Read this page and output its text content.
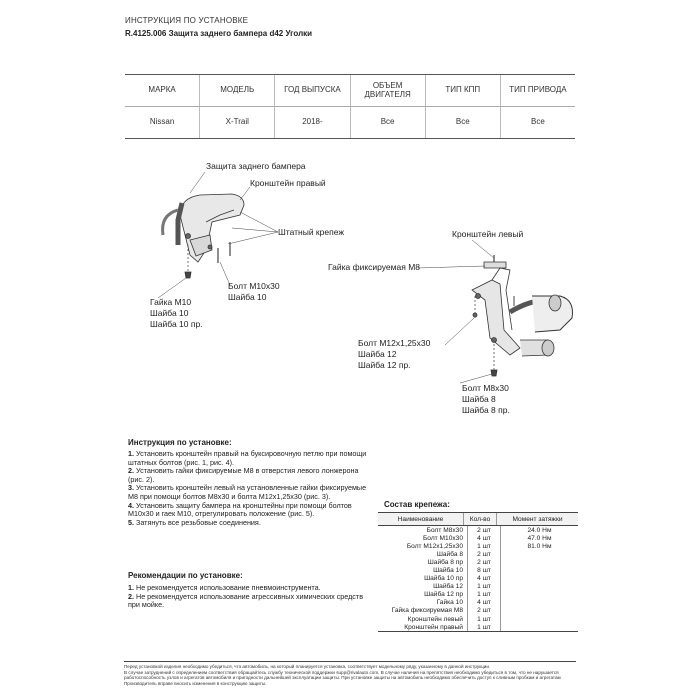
ИНСТРУКЦИЯ ПО УСТАНОВКЕ
R.4125.006 Защита заднего бампера d42 Уголки
МАРКА	МОДЕЛЬ	ГОД ВЫПУСКА	ОБЪЕМ ДВИГАТЕЛЯ	ТИП КПП	ТИП ПРИВОДА
Nissan	X-Trail	2018-	Все	Все	Все
Защита заднего бампера
Кронштейн правый
Штатный крепеж
Болт М10х30
Шайба 10
Гайка М10
Шайба 10
Шайба 10 пр.
Кронштейн левый
Гайка фиксируемая М8
Болт М12х1,25х30
Шайба 12
Шайба 12 пр.
Болт М8х30
Шайба 8
Шайба 8 пр.
Инструкция по установке:

1. Установить кронштейн правый на буксировочную петлю при помощи штатных болтов (рис. 1, рис. 4).

2. Установить гайки фиксируемые М8 в отверстия левого лонжерона (рис. 2).

3. Установить кронштейн левый на установленные гайки фиксируемые М8 при помощи болтов М8х30 и болта М12х1,25х30 (рис. 3).

4. Установить защиту бампера на кронштейны при помощи болтов М10х30 и гаек М10, отрегулировать положение (рис. 5).

5. Затянуть все резьбовые соединения.

Рекомендации по установке:

1. Не рекомендуется использование пневмоинструмента.

2. Не рекомендуется использование агрессивных химических средств при мойке.

Состав крепежа:
Наименование	Кол-во	Момент затяжки
Болт М8х30	2 шт	24.0 Нм
Болт М10х30	4 шт	47.0 Нм
Болт М12х1,25х30	1 шт	81.0 Нм
Шайба 8	2 шт
Шайба 8 пр	2 шт
Шайба 10	8 шт
Шайба 10 пр	4 шт
Шайба 12	1 шт
Шайба 12 пр	1 шт
Гайка 10	4 шт
Гайка фиксируемая М8	2 шт
Кронштейн левый	1 шт
Кронштейн правый	1 шт

Перед установкой изделия необходимо убедиться, что автомобиль, на который планируется установка, соответствует модельному ряду, указанному в данной инструкции.

В случае затруднений с определением соответствия обращайтесь службу технической поддержки supp@rivalauto.com. В случае наличия на препятствия необходимо убедиться в том, что не нарушается работоспособность узлов и агрегатов автомобиля и пригодности дальнейшей эксплуатации защиты. При установке защиты на автомобиль необходимо обеспечить доступ к сливным пробкам и агрегатам

Производитель вправе вносить изменения в конструкцию защиты.
